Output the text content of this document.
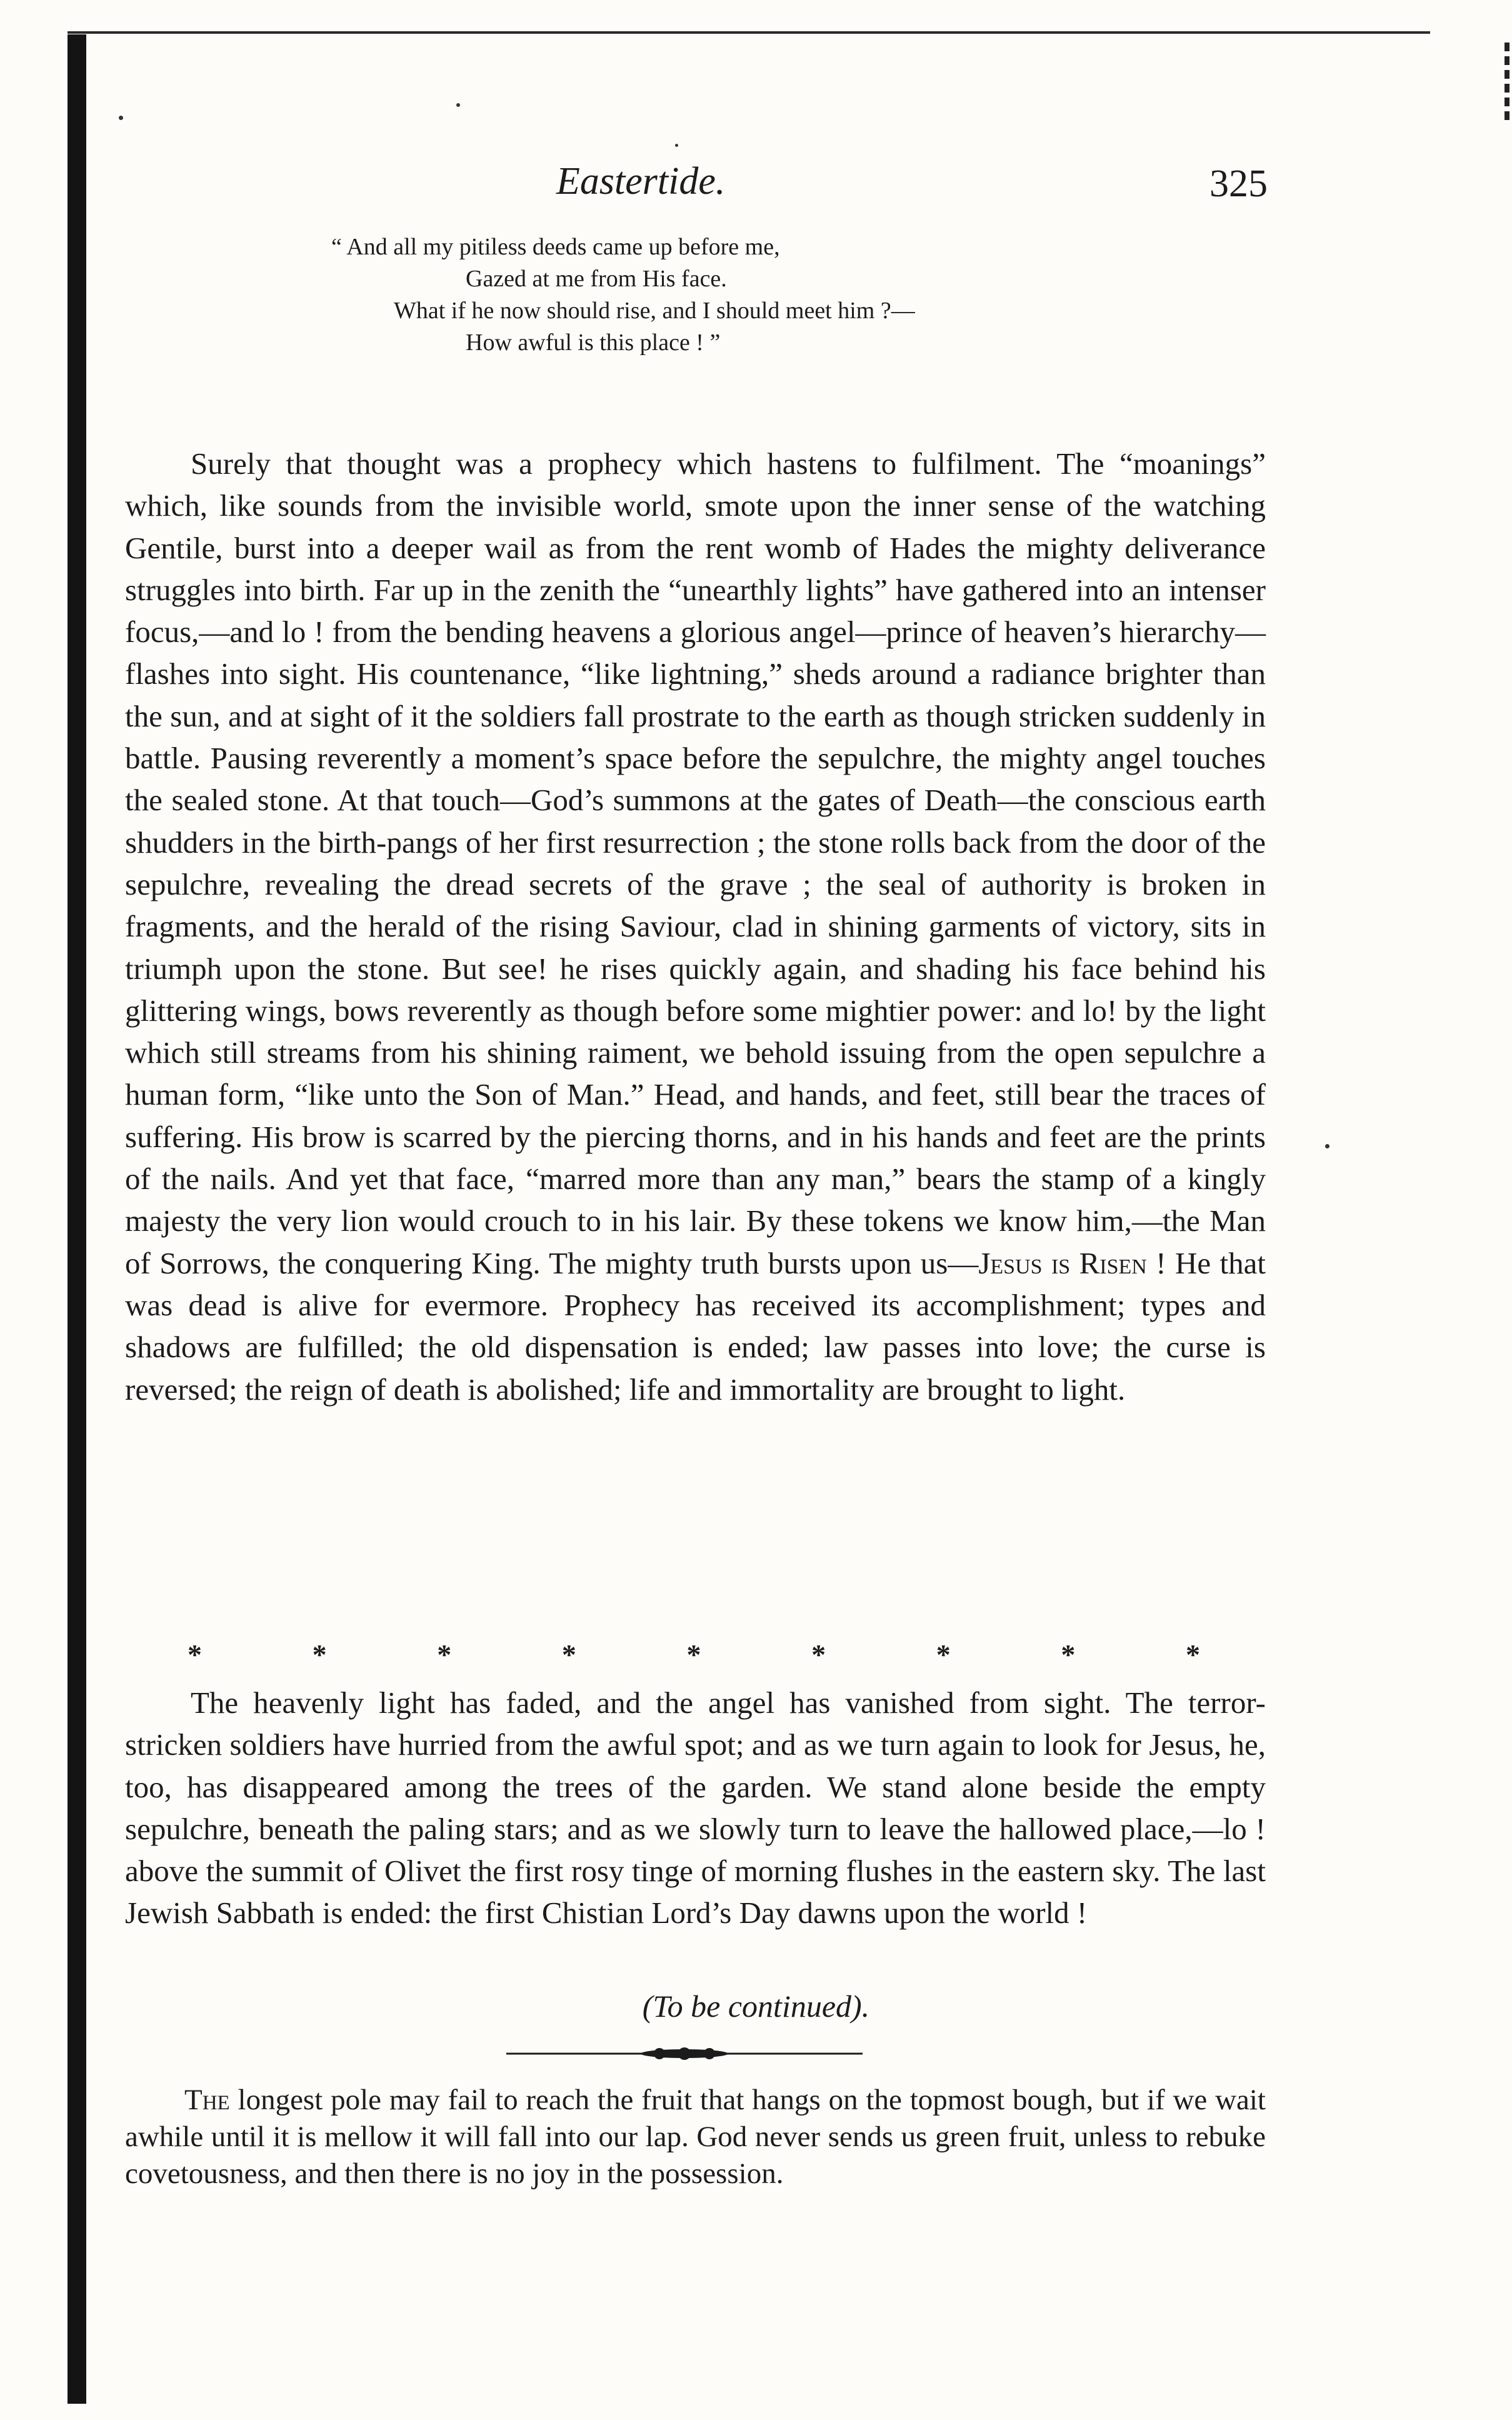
Eastertide.	325
“ And all my pitiless deeds came up before me,
Gazed at me from His face.
What if he now should rise, and I should meet him ?—
How awful is this place ! ”

Surely that thought was a prophecy which hastens to fulfilment. The “moanings” which, like sounds from the invisible world, smote upon the inner sense of the watching Gentile, burst into a deeper wail as from the rent womb of Hades the mighty deliverance struggles into birth. Far up in the zenith the “unearthly lights” have gathered into an intenser focus,—and lo ! from the bending heavens a glorious angel—prince of heaven’s hierarchy—flashes into sight. His countenance, “like lightning,” sheds around a radiance brighter than the sun, and at sight of it the soldiers fall prostrate to the earth as though stricken suddenly in battle. Pausing reverently a moment’s space before the sepulchre, the mighty angel touches the sealed stone. At that touch—God’s summons at the gates of Death—the conscious earth shudders in the birth-pangs of her first resurrection ; the stone rolls back from the door of the sepulchre, revealing the dread secrets of the grave ; the seal of authority is broken in fragments, and the herald of the rising Saviour, clad in shining garments of victory, sits in triumph upon the stone. But see! he rises quickly again, and shading his face behind his glittering wings, bows reverently as though before some mightier power: and lo! by the light which still streams from his shining raiment, we behold issuing from the open sepulchre a human form, “like unto the Son of Man.” Head, and hands, and feet, still bear the traces of suffering. His brow is scarred by the piercing thorns, and in his hands and feet are the prints of the nails. And yet that face, “marred more than any man,” bears the stamp of a kingly majesty the very lion would crouch to in his lair. By these tokens we know him,—the Man of Sorrows, the conquering King. The mighty truth bursts upon us—Jesus is Risen ! He that was dead is alive for evermore. Prophecy has received its accomplishment; types and shadows are fulfilled; the old dispensation is ended; law passes into love; the curse is reversed; the reign of death is abolished; life and immortality are brought to light.

*	*	*	*	*	*	*	*	*

The heavenly light has faded, and the angel has vanished from sight. The terror-stricken soldiers have hurried from the awful spot; and as we turn again to look for Jesus, he, too, has disappeared among the trees of the garden. We stand alone beside the empty sepulchre, beneath the paling stars; and as we slowly turn to leave the hallowed place,—lo ! above the summit of Olivet the first rosy tinge of morning flushes in the eastern sky. The last Jewish Sabbath is ended: the first Chistian Lord’s Day dawns upon the world !

(To be continued).

The longest pole may fail to reach the fruit that hangs on the topmost bough, but if we wait awhile until it is mellow it will fall into our lap. God never sends us green fruit, unless to rebuke covetousness, and then there is no joy in the possession.
